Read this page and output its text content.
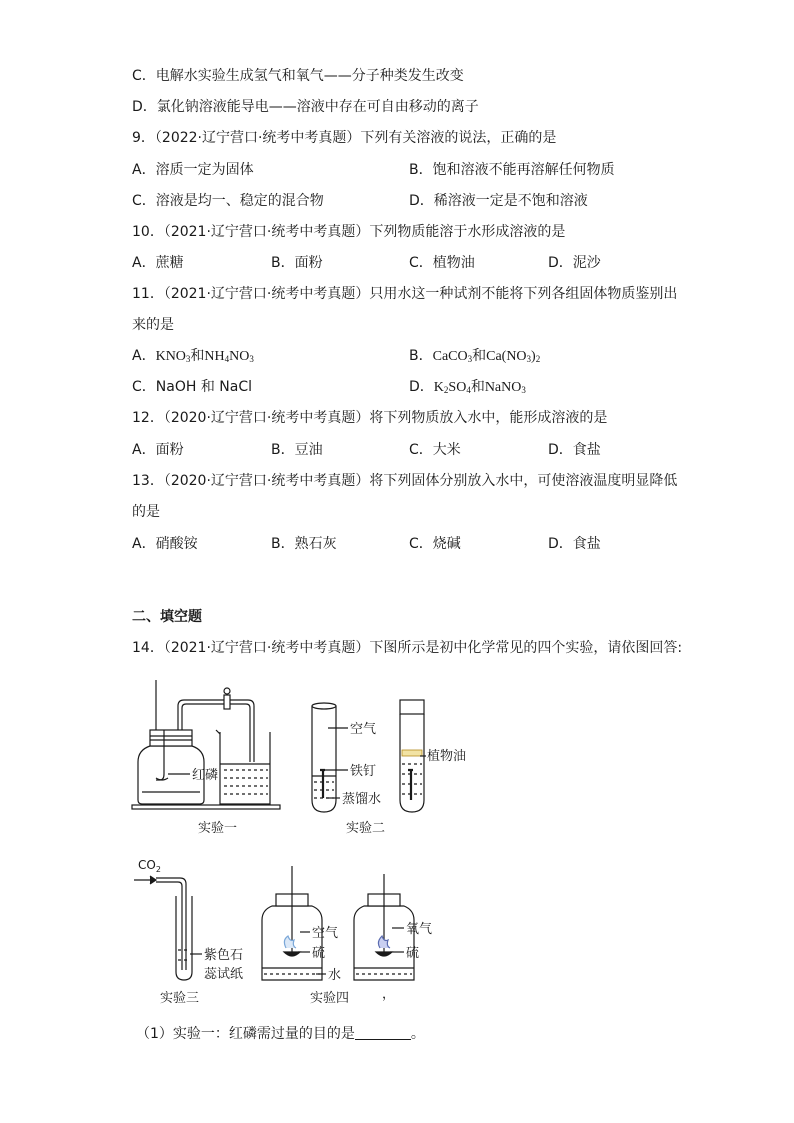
C．电解水实验生成氢气和氧气——分子种类发生改变
D．氯化钠溶液能导电——溶液中存在可自由移动的离子
9．（2022·辽宁营口·统考中考真题）下列有关溶液的说法，正确的是
A．溶质一定为固体	B．饱和溶液不能再溶解任何物质
C．溶液是均一、稳定的混合物	D．稀溶液一定是不饱和溶液
10．（2021·辽宁营口·统考中考真题）下列物质能溶于水形成溶液的是
A．蔗糖	B．面粉	C．植物油	D．泥沙
11．（2021·辽宁营口·统考中考真题）只用水这一种试剂不能将下列各组固体物质鉴别出
来的是
A．$KNO_3$和$NH_4NO_3$	B．CaCO$_3$和$Ca(NO_3)_2$
C．NaOH 和 NaCl	D．$K_2SO_4$和NaNO$_3$
12．（2020·辽宁营口·统考中考真题）将下列物质放入水中，能形成溶液的是
A．面粉	B．豆油	C．大米	D．食盐
13．（2020·辽宁营口·统考中考真题）将下列固体分别放入水中，可使溶液温度明显降低
的是
A．硝酸铵	B．熟石灰	C．烧碱	D．食盐
二、填空题
14．（2021·辽宁营口·统考中考真题）下图所示是初中化学常见的四个实验，请依图回答:
红磷
实验一
空气
植物油
铁钉
蒸馏水
实验二
$CO_2$
紫色石
蕊试纸
实验三
空气
硫
水
氧气
硫
实验四	，
（1）实验一：红磷需过量的目的是	。
